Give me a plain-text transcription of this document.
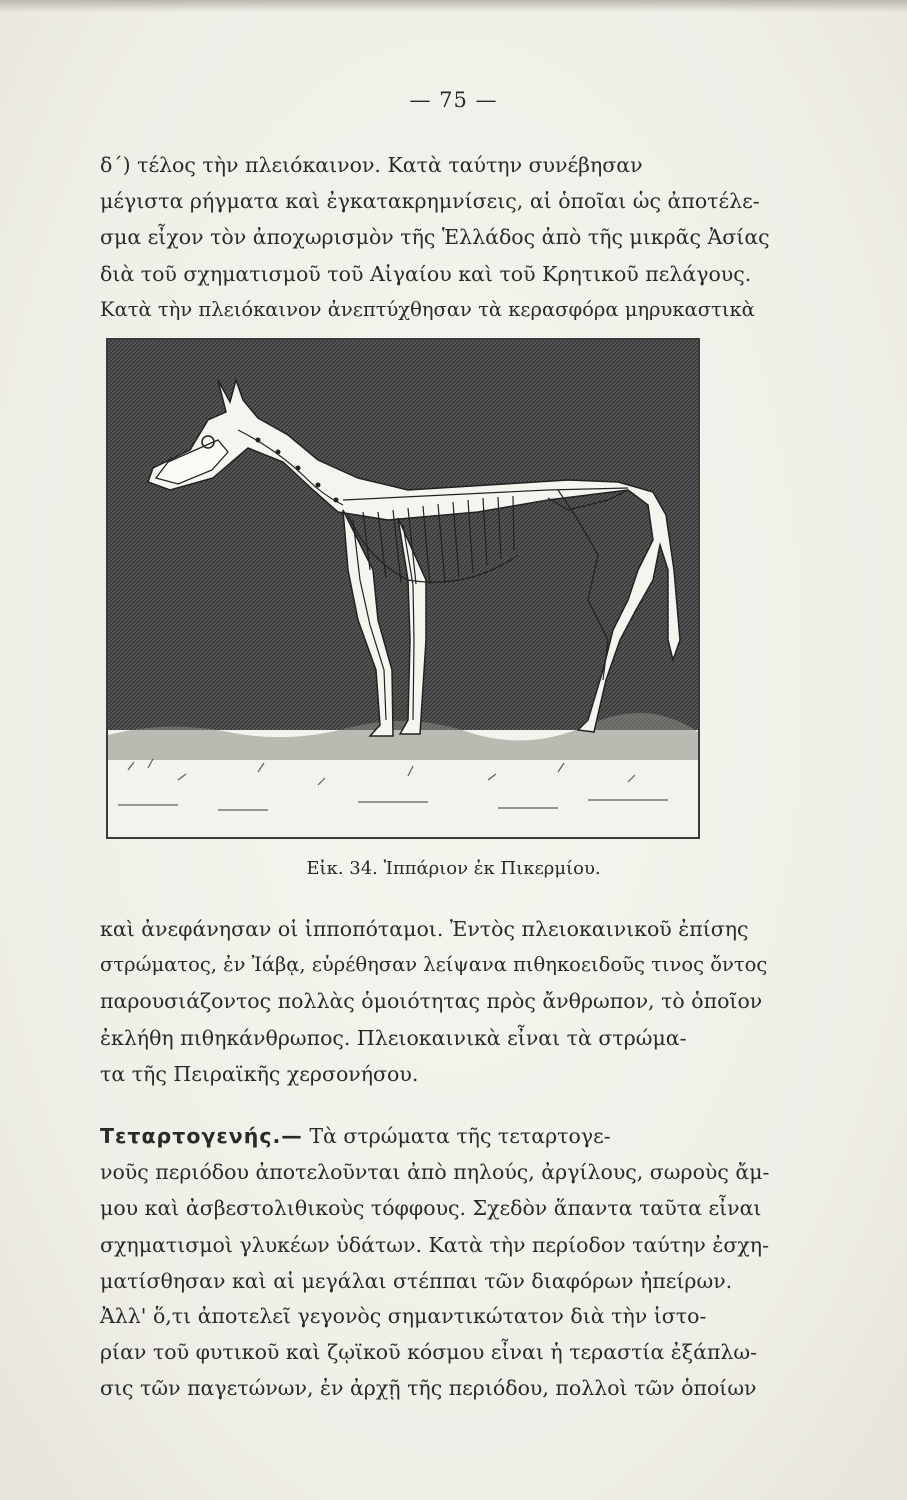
— 75 —
δ΄) τέλος τὴν πλειόκαινον. Κατὰ ταύτην συνέβησαν
μέγιστα ρήγματα καὶ ἐγκατακρημνίσεις, αἱ ὁποῖαι ὡς ἀποτέλε-
σμα εἶχον τὸν ἀποχωρισμὸν τῆς Ἑλλάδος ἀπὸ τῆς μικρᾶς Ἀσίας
διὰ τοῦ σχηματισμοῦ τοῦ Αἰγαίου καὶ τοῦ Κρητικοῦ πελάγους.
Κατὰ τὴν πλειόκαινον ἀνεπτύχθησαν τὰ κερασφόρα μηρυκαστικὰ
Εἰκ. 34. Ἱππάριον ἐκ Πικερμίου.
καὶ ἀνεφάνησαν οἱ ἱπποπόταμοι. Ἐντὸς πλειοκαινικοῦ ἐπίσης
στρώματος, ἐν Ἰάβᾳ, εὑρέθησαν λείψανα πιθηκοειδοῦς τινος ὄντος
παρουσιάζοντος πολλὰς ὁμοιότητας πρὸς ἄνθρωπον, τὸ ὁποῖον
ἐκλήθη πιθηκάνθρωπος. Πλειοκαινικὰ εἶναι τὰ στρώμα-
τα τῆς Πειραϊκῆς χερσονήσου.
Τεταρτογενής.— Τὰ στρώματα τῆς τεταρτογε-
νοῦς περιόδου ἀποτελοῦνται ἀπὸ πηλούς, ἀργίλους, σωροὺς ἄμ-
μου καὶ ἀσβεστολιθικοὺς τόφφους. Σχεδὸν ἅπαντα ταῦτα εἶναι
σχηματισμοὶ γλυκέων ὑδάτων. Κατὰ τὴν περίοδον ταύτην ἐσχη-
ματίσθησαν καὶ αἱ μεγάλαι στέππαι τῶν διαφόρων ἠπείρων.
Ἀλλ' ὅ,τι ἀποτελεῖ γεγονὸς σημαντικώτατον διὰ τὴν ἱστο-
ρίαν τοῦ φυτικοῦ καὶ ζῳϊκοῦ κόσμου εἶναι ἡ τεραστία ἐξάπλω-
σις τῶν παγετώνων, ἐν ἀρχῇ τῆς περιόδου, πολλοὶ τῶν ὁποίων
